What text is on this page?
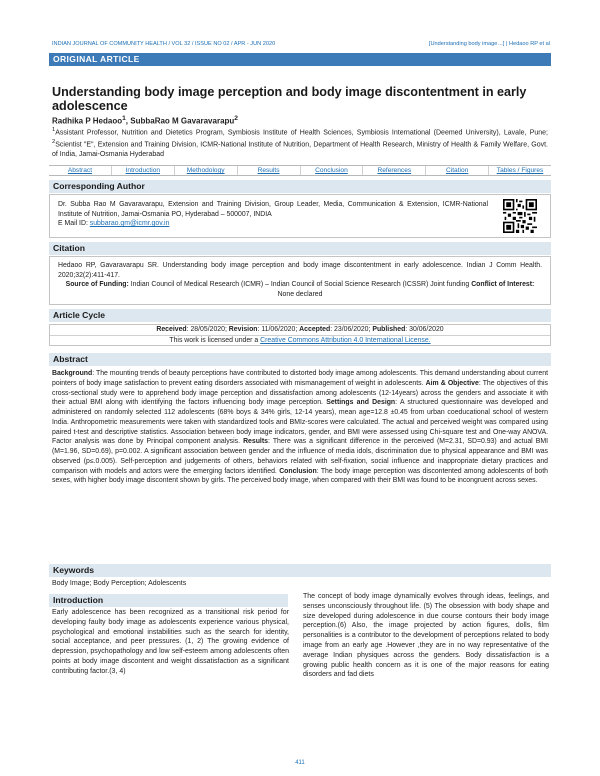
INDIAN JOURNAL OF COMMUNITY HEALTH / VOL 32 / ISSUE NO 02 / APR - JUN 2020	[Understanding body image…] | Hedaoo RP et al
ORIGINAL ARTICLE
Understanding body image perception and body image discontentment in early adolescence
Radhika P Hedaoo$^1$, SubbaRao M Gavaravarapu$^2$
$^1$Assistant Professor, Nutrition and Dietetics Program, Symbiosis Institute of Health Sciences, Symbiosis International (Deemed University), Lavale, Pune; $^2$Scientist "E", Extension and Training Division, ICMR-National Institute of Nutrition, Department of Health Research, Ministry of Health & Family Welfare, Govt. of India, Jamai-Osmania Hyderabad
Abstract	Introduction	Methodology	Results	Conclusion	References	Citation	Tables / Figures
Corresponding Author
Dr. Subba Rao M Gavaravarapu, Extension and Training Division, Group Leader, Media, Communication & Extension, ICMR-National Institute of Nutrition, Jamai-Osmania PO, Hyderabad – 500007, INDIA
E Mail ID: subbarao.gm@icmr.gov.in
Citation
Hedaoo RP, Gavaravarapu SR. Understanding body image perception and body image discontentment in early adolescence. Indian J Comm Health. 2020;32(2):411-417.
Source of Funding: Indian Council of Medical Research (ICMR) – Indian Council of Social Science Research (ICSSR) Joint funding Conflict of Interest: None declared
Article Cycle
Received: 28/05/2020; Revision: 11/06/2020; Accepted: 23/06/2020; Published: 30/06/2020
This work is licensed under a Creative Commons Attribution 4.0 International License.
Abstract
Background: The mounting trends of beauty perceptions have contributed to distorted body image among adolescents. This demand understanding about current pointers of body image satisfaction to prevent eating disorders associated with mismanagement of weight in adolescents. Aim & Objective: The objectives of this cross-sectional study were to apprehend body image perception and dissatisfaction among adolescents (12-14years) across the genders and associate it with their actual BMI along with identifying the factors influencing body image perception. Settings and Design: A structured questionnaire was developed and administered on randomly selected 112 adolescents (68% boys & 34% girls, 12-14 years), mean age=12.8 ±0.45 from urban coeducational school of western India. Anthropometric measurements were taken with standardized tools and BMIz-scores were calculated. The actual and perceived weight was compared using paired t-test and descriptive statistics. Association between body image indicators, gender, and BMI were assessed using Chi-square test and One-way ANOVA. Factor analysis was done by Principal component analysis. Results: There was a significant difference in the perceived (M=2.31, SD=0.93) and actual BMI (M=1.96, SD=0.69), p=0.002. A significant association between gender and the influence of media idols, discrimination due to physical appearance and BMI was observed (p≤.0.005). Self-perception and judgements of others, behaviors related with self-fixation, social influence and inappropriate dietary practices and comparison with models and actors were the emerging factors identified. Conclusion: The body image perception was discontented among adolescents of both sexes, with higher body image discontent shown by girls. The perceived body image, when compared with their BMI was found to be incongruent across sexes.
Keywords
Body Image; Body Perception; Adolescents
Introduction
Early adolescence has been recognized as a transitional risk period for developing faulty body image as adolescents experience various physical, psychological and emotional instabilities such as the search for identity, social acceptance, and peer pressures. (1, 2) The growing evidence of depression, psychopathology and low self-esteem among adolescents often points at body image discontent and weight dissatisfaction as a significant contributing factor.(3, 4)
The concept of body image dynamically evolves through ideas, feelings, and senses unconsciously throughout life. (5) The obsession with body shape and size developed during adolescence in due course contours their body image perception.(6) Also, the image projected by action figures, dolls, film personalities is a contributor to the development of perceptions related to body image from an early age .However ,they are in no way representative of the average Indian physiques across the genders. Body dissatisfaction is a growing public health concern as it is one of the major reasons for eating disorders and fad diets
411
